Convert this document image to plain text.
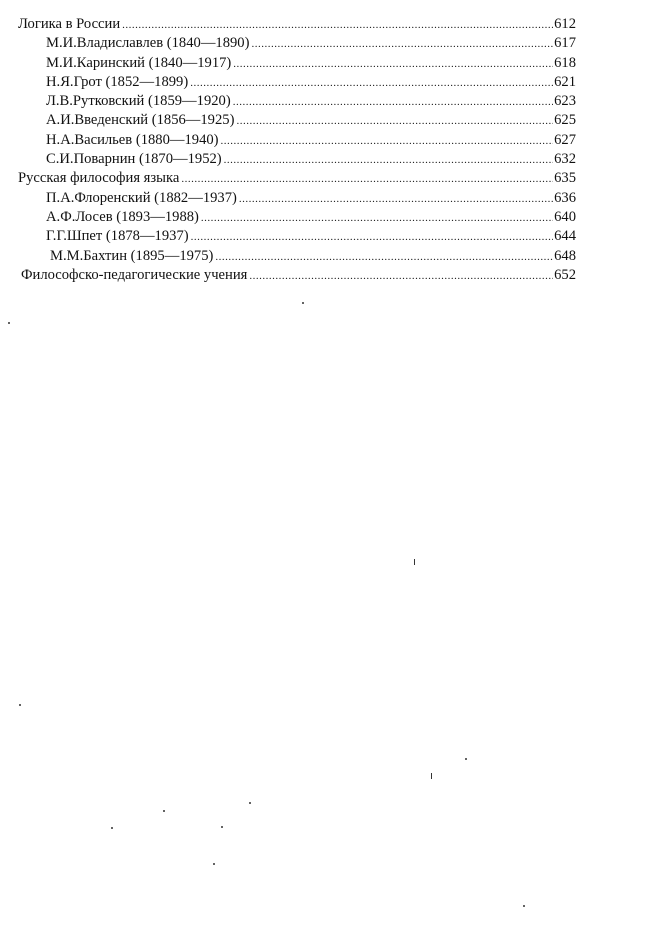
Логика в России .....	612
М.И.Владиславлев (1840—1890) .....	617
М.И.Каринский (1840—1917) .....	618
Н.Я.Грот (1852—1899) .....	621
Л.В.Рутковский (1859—1920) .....	623
А.И.Введенский (1856—1925) .....	625
Н.А.Васильев (1880—1940) .....	627
С.И.Поварнин (1870—1952) .....	632
Русская философия языка .....	635
П.А.Флоренский (1882—1937) .....	636
А.Ф.Лосев (1893—1988) .....	640
Г.Г.Шпет (1878—1937) .....	644
М.М.Бахтин (1895—1975) .....	648
Философско-педагогические учения .....	652
